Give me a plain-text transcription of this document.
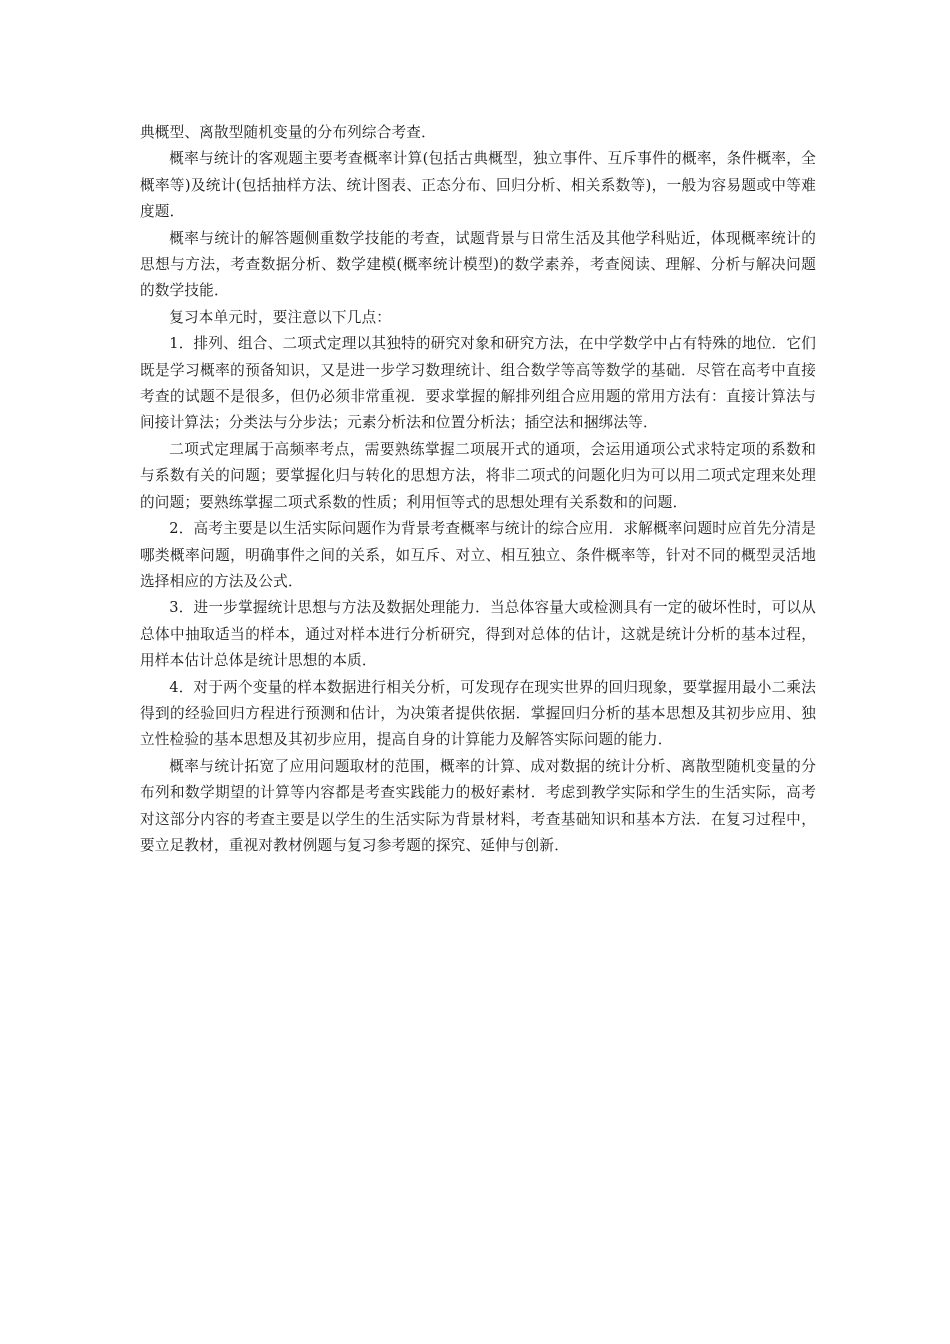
典概型、离散型随机变量的分布列综合考查．

概率与统计的客观题主要考查概率计算(包括古典概型，独立事件、互斥事件的概率，条件概率，全概率等)及统计(包括抽样方法、统计图表、正态分布、回归分析、相关系数等)，一般为容易题或中等难度题．

概率与统计的解答题侧重数学技能的考查，试题背景与日常生活及其他学科贴近，体现概率统计的思想与方法，考查数据分析、数学建模(概率统计模型)的数学素养，考查阅读、理解、分析与解决问题的数学技能．

复习本单元时，要注意以下几点：

1．排列、组合、二项式定理以其独特的研究对象和研究方法，在中学数学中占有特殊的地位．它们既是学习概率的预备知识，又是进一步学习数理统计、组合数学等高等数学的基础．尽管在高考中直接考查的试题不是很多，但仍必须非常重视．要求掌握的解排列组合应用题的常用方法有：直接计算法与间接计算法；分类法与分步法；元素分析法和位置分析法；插空法和捆绑法等．

二项式定理属于高频率考点，需要熟练掌握二项展开式的通项，会运用通项公式求特定项的系数和与系数有关的问题；要掌握化归与转化的思想方法，将非二项式的问题化归为可以用二项式定理来处理的问题；要熟练掌握二项式系数的性质；利用恒等式的思想处理有关系数和的问题．

2．高考主要是以生活实际问题作为背景考查概率与统计的综合应用．求解概率问题时应首先分清是哪类概率问题，明确事件之间的关系，如互斥、对立、相互独立、条件概率等，针对不同的概型灵活地选择相应的方法及公式．

3．进一步掌握统计思想与方法及数据处理能力．当总体容量大或检测具有一定的破坏性时，可以从总体中抽取适当的样本，通过对样本进行分析研究，得到对总体的估计，这就是统计分析的基本过程，用样本估计总体是统计思想的本质．

4．对于两个变量的样本数据进行相关分析，可发现存在现实世界的回归现象，要掌握用最小二乘法得到的经验回归方程进行预测和估计，为决策者提供依据．掌握回归分析的基本思想及其初步应用、独立性检验的基本思想及其初步应用，提高自身的计算能力及解答实际问题的能力．

概率与统计拓宽了应用问题取材的范围，概率的计算、成对数据的统计分析、离散型随机变量的分布列和数学期望的计算等内容都是考查实践能力的极好素材．考虑到教学实际和学生的生活实际，高考对这部分内容的考查主要是以学生的生活实际为背景材料，考查基础知识和基本方法．在复习过程中，要立足教材，重视对教材例题与复习参考题的探究、延伸与创新．
